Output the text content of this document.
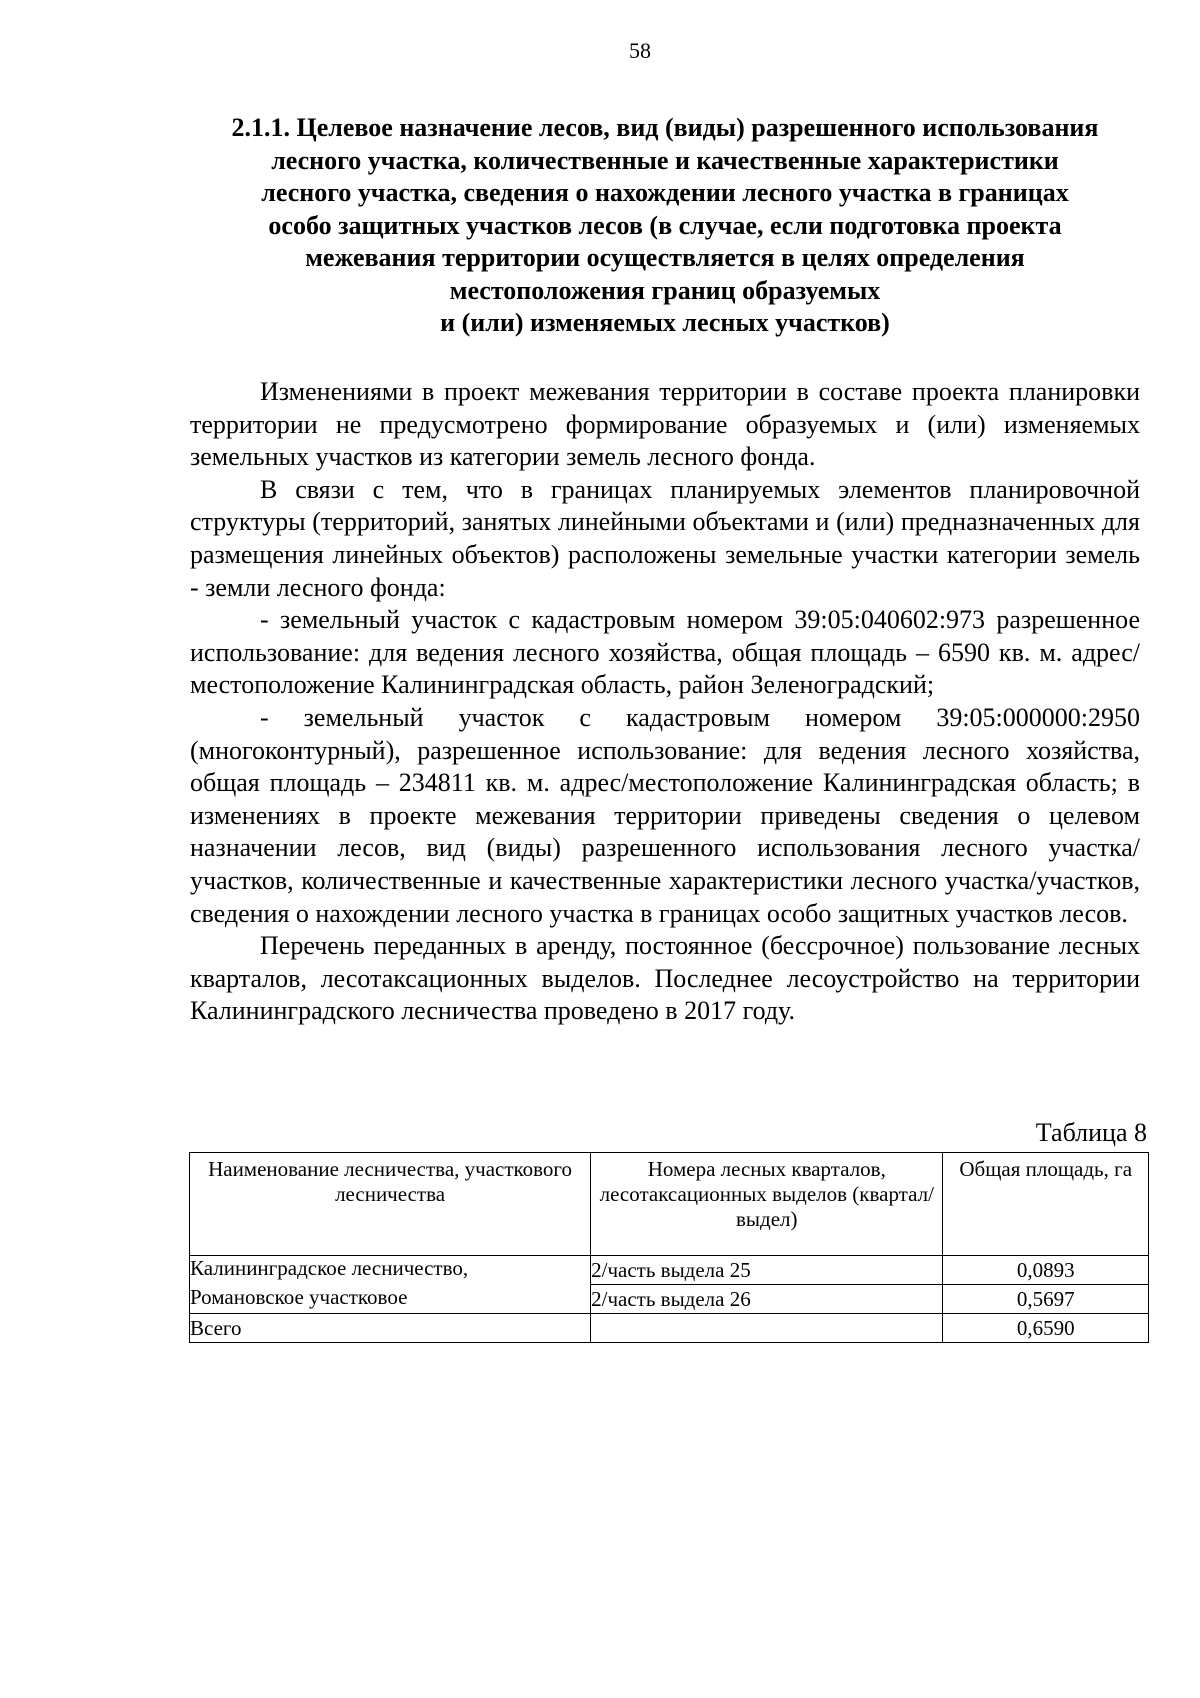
58
2.1.1. Целевое назначение лесов, вид (виды) разрешенного использования
лесного участка, количественные и качественные характеристики
лесного участка, сведения о нахождении лесного участка в границах
особо защитных участков лесов (в случае, если подготовка проекта
межевания территории осуществляется в целях определения
местоположения границ образуемых
и (или) изменяемых лесных участков)

Изменениями в проект межевания территории в составе проекта планировки территории не предусмотрено формирование образуемых и (или) изменяемых земельных участков из категории земель лесного фонда.

В связи с тем, что в границах планируемых элементов планировочной структуры (территорий, занятых линейными объектами и (или) предназначенных для размещения линейных объектов) расположены земельные участки категории земель - земли лесного фонда:

- земельный участок с кадастровым номером 39:05:040602:973 разрешенное использование: для ведения лесного хозяйства, общая площадь – 6590 кв. м. адрес/местоположение Калининградская область, район Зеленоградский;

- земельный участок с кадастровым номером 39:05:000000:2950 (многоконтурный), разрешенное использование: для ведения лесного хозяйства, общая площадь – 234811 кв. м. адрес/местоположение Калининградская область; в изменениях в проекте межевания территории приведены сведения о целевом назначении лесов, вид (виды) разрешенного использования лесного участка/участков, количественные и качественные характеристики лесного участка/участков, сведения о нахождении лесного участка в границах особо защитных участков лесов.

Перечень переданных в аренду, постоянное (бессрочное) пользование лесных кварталов, лесотаксационных выделов. Последнее лесоустройство на территории Калининградского лесничества проведено в 2017 году.

Таблица 8
Наименование лесничества, участкового лесничества	Номера лесных кварталов, лесотаксационных выделов (квартал/выдел)	Общая площадь, га
Калининградское лесничество,	2/часть выдела 25	0,0893
Романовское участковое	2/часть выдела 26	0,5697
Всего		0,6590
